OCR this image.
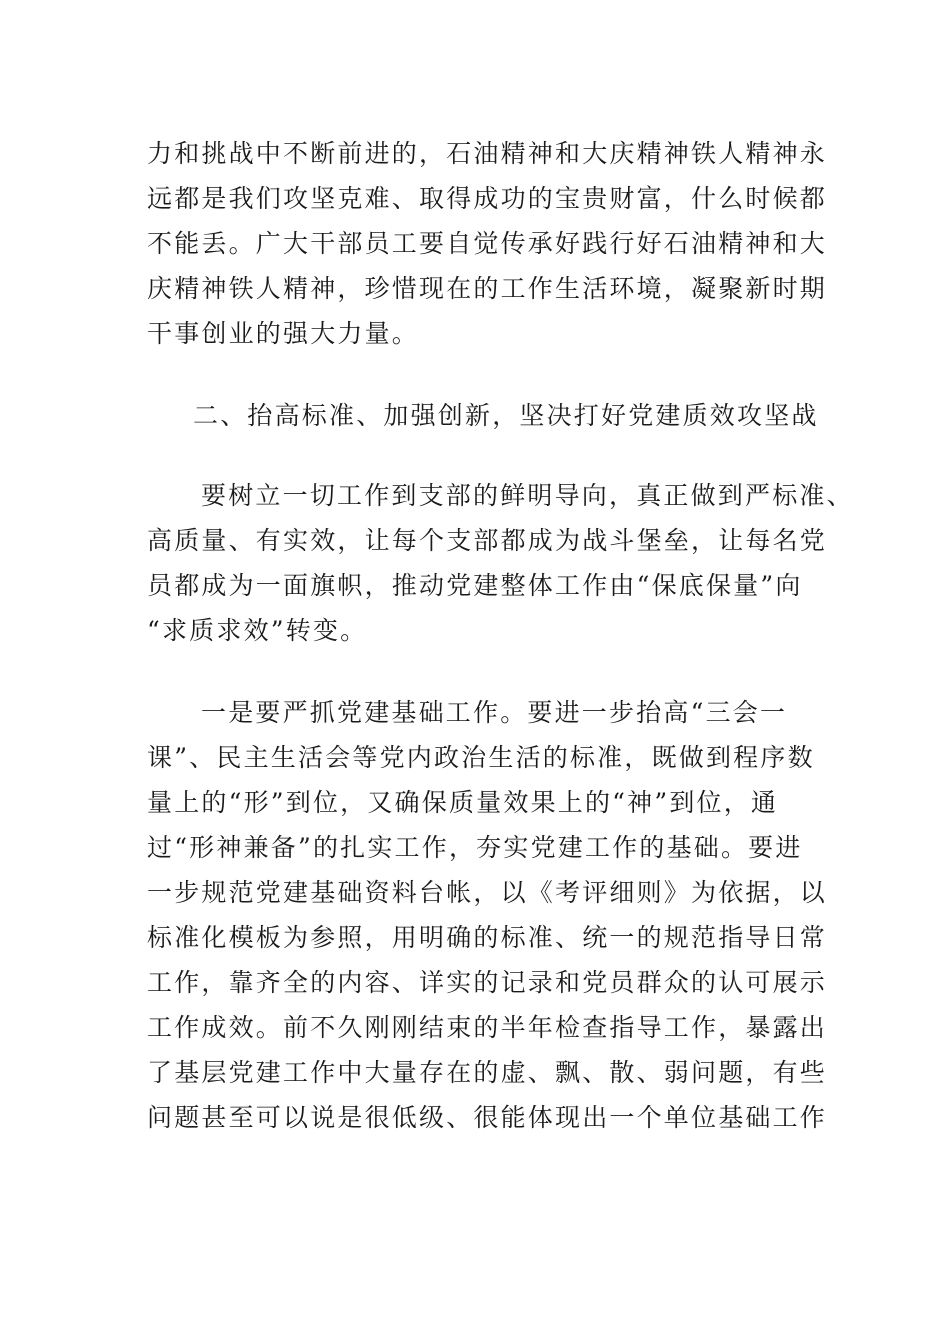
力和挑战中不断前进的，石油精神和大庆精神铁人精神永
远都是我们攻坚克难、取得成功的宝贵财富，什么时候都
不能丢。广大干部员工要自觉传承好践行好石油精神和大
庆精神铁人精神，珍惜现在的工作生活环境，凝聚新时期
干事创业的强大力量。
二、抬高标准、加强创新，坚决打好党建质效攻坚战
要树立一切工作到支部的鲜明导向，真正做到严标准、
高质量、有实效，让每个支部都成为战斗堡垒，让每名党
员都成为一面旗帜，推动党建整体工作由“保底保量”向
“求质求效”转变。
一是要严抓党建基础工作。要进一步抬高“三会一
课”、民主生活会等党内政治生活的标准，既做到程序数
量上的“形”到位，又确保质量效果上的“神”到位，通
过“形神兼备”的扎实工作，夯实党建工作的基础。要进
一步规范党建基础资料台帐，以《考评细则》为依据，以
标准化模板为参照，用明确的标准、统一的规范指导日常
工作，靠齐全的内容、详实的记录和党员群众的认可展示
工作成效。前不久刚刚结束的半年检查指导工作，暴露出
了基层党建工作中大量存在的虚、飘、散、弱问题，有些
问题甚至可以说是很低级、很能体现出一个单位基础工作
